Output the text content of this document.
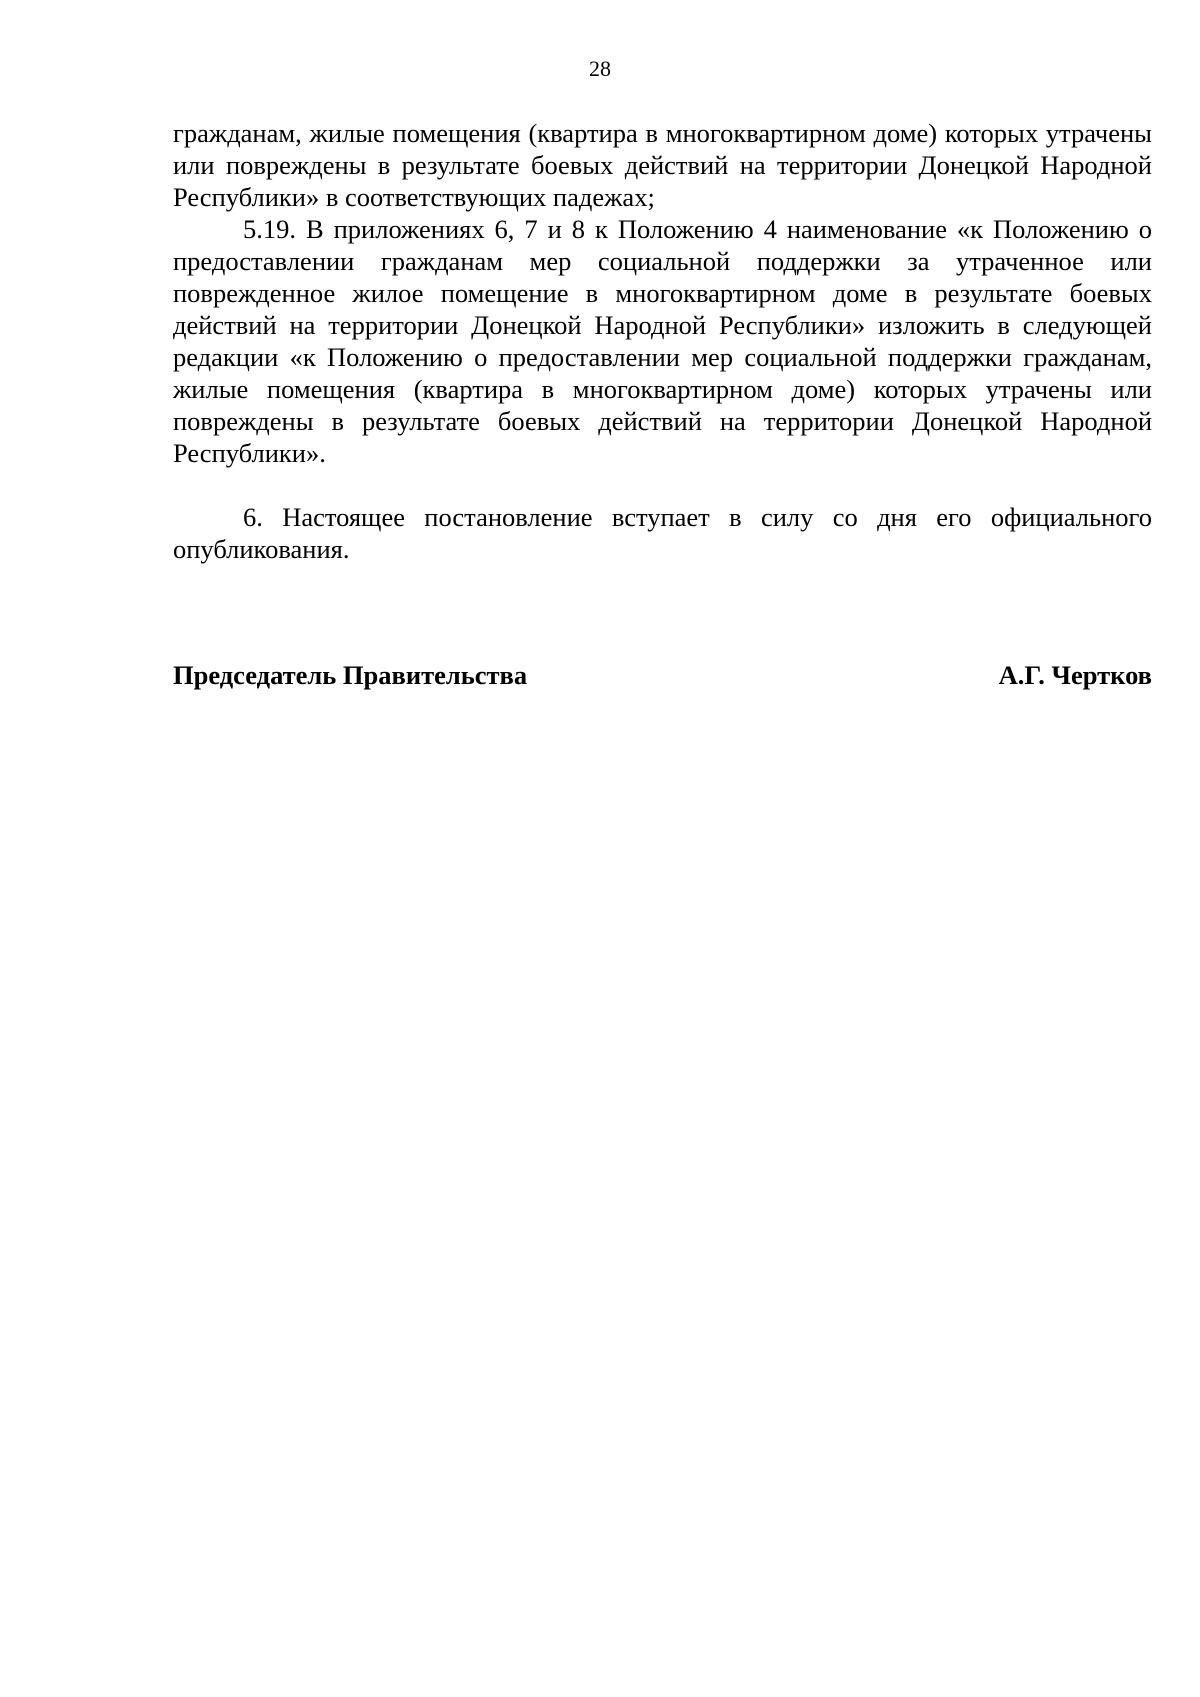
28

гражданам, жилые помещения (квартира в многоквартирном доме) которых утрачены или повреждены в результате боевых действий на территории Донецкой Народной Республики» в соответствующих падежах;

5.19. В приложениях 6, 7 и 8 к Положению 4 наименование «к Положению о предоставлении гражданам мер социальной поддержки за утраченное или поврежденное жилое помещение в многоквартирном доме в результате боевых действий на территории Донецкой Народной Республики» изложить в следующей редакции «к Положению о предоставлении мер социальной поддержки гражданам, жилые помещения (квартира в многоквартирном доме) которых утрачены или повреждены в результате боевых действий на территории Донецкой Народной Республики».

6. Настоящее постановление вступает в силу со дня его официального опубликования.

Председатель Правительства	А.Г. Чертков
